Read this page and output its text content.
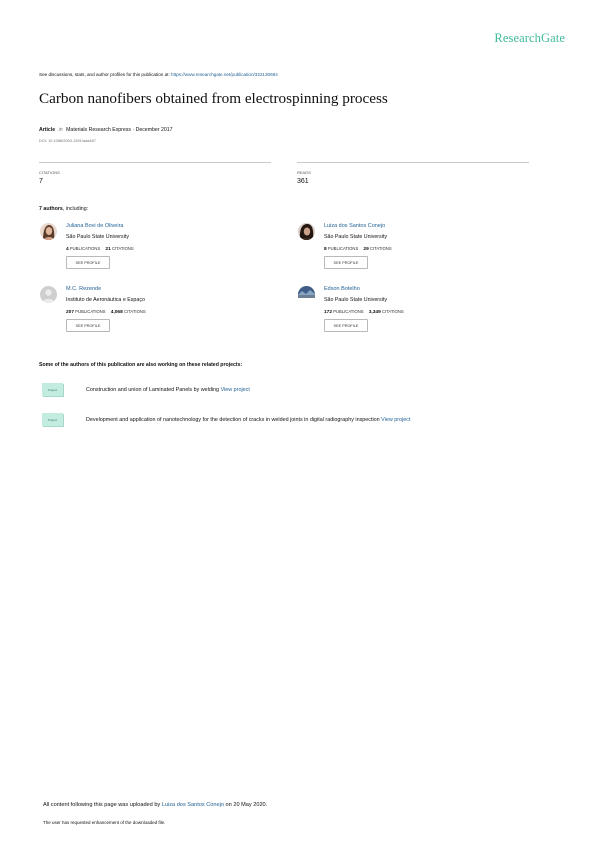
ResearchGate
See discussions, stats, and author profiles for this publication at: https://www.researchgate.net/publication/322130684
Carbon nanofibers obtained from electrospinning process
Article in Materials Research Express · December 2017
DOI: 10.1088/2053-1591/aaa467
CITATIONS
7
READS
361
7 authors, including:
Juliana Bovi de Oliveira
São Paulo State University
4 PUBLICATIONS 21 CITATIONS
SEE PROFILE
Luiza dos Santos Conejo
São Paulo State University
8 PUBLICATIONS 29 CITATIONS
SEE PROFILE
M.C. Rezende
Instituto de Aeronáutica e Espaço
207 PUBLICATIONS 4,068 CITATIONS
SEE PROFILE
Edson Botelho
São Paulo State University
172 PUBLICATIONS 3,349 CITATIONS
SEE PROFILE
Some of the authors of this publication are also working on these related projects:
Project	Construction and union of Laminated Panels by welding View project
Project	Development and application of nanotechnology for the detection of cracks in welded joints in digital radiography inspection View project
All content following this page was uploaded by Luiza dos Santos Conejo on 20 May 2020.
The user has requested enhancement of the downloaded file.
